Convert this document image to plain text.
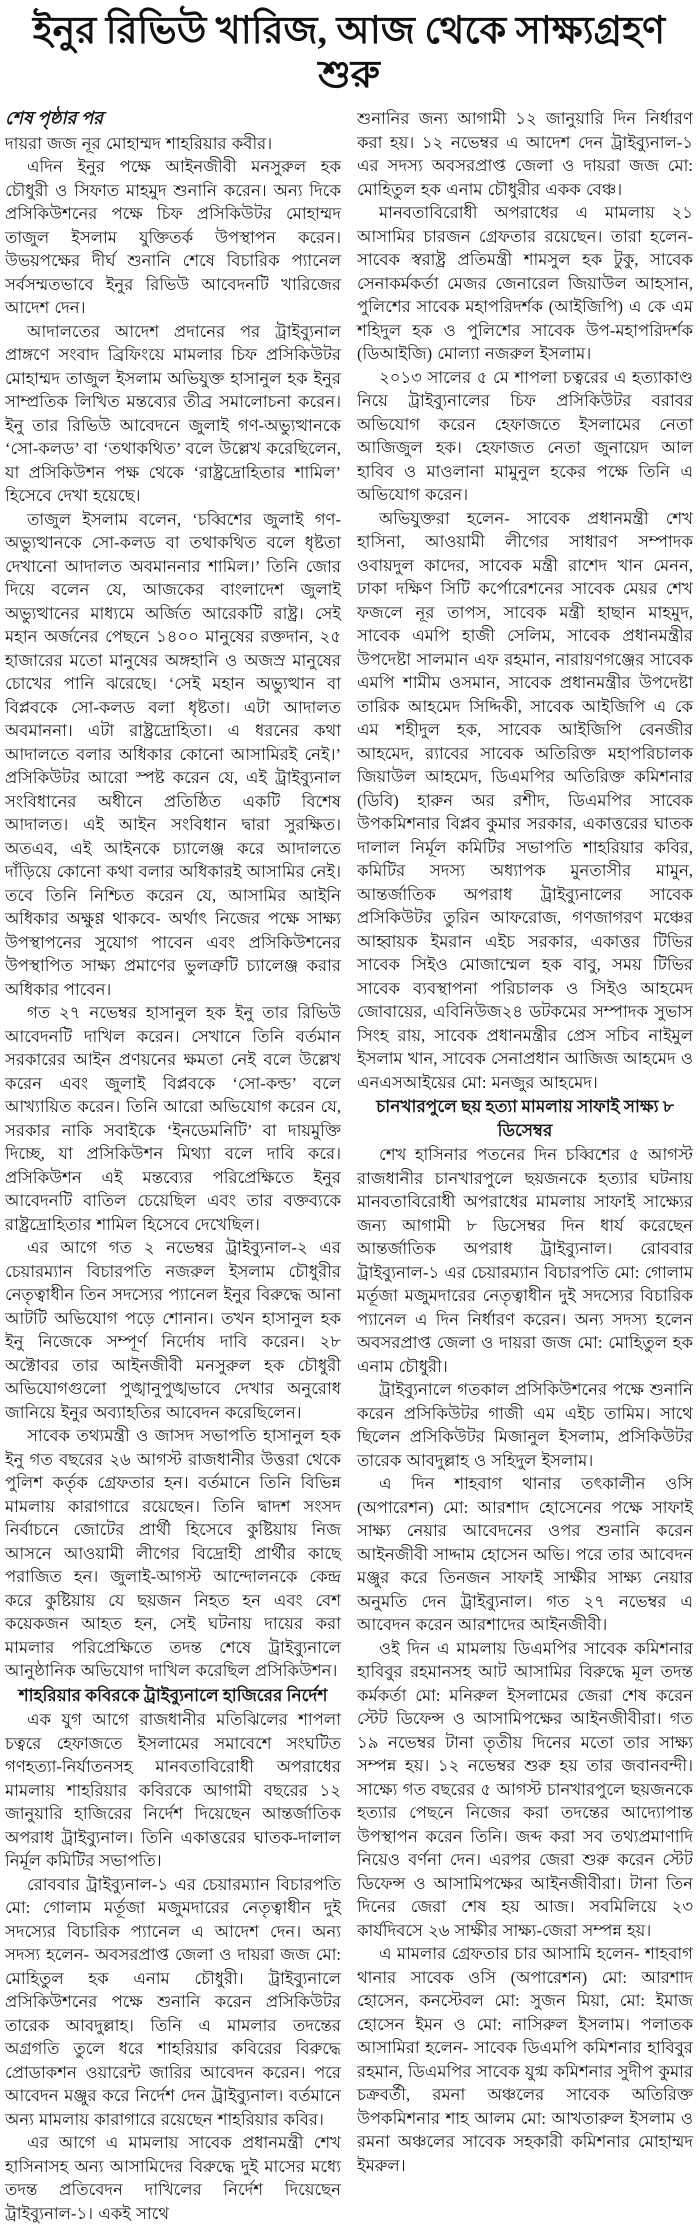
ইনুর রিভিউ খারিজ, আজ থেকে সাক্ষ্যগ্রহণ শুরু
শেষ পৃষ্ঠার পর

দায়রা জজ নূর মোহাম্মদ শাহরিয়ার কবীর।

এদিন ইনুর পক্ষে আইনজীবী মনসুরুল হক চৌধুরী ও সিফাত মাহমুদ শুনানি করেন। অন্য দিকে প্রসিকিউশনের পক্ষে চিফ প্রসিকিউটর মোহাম্মদ তাজুল ইসলাম যুক্তিতর্ক উপস্থাপন করেন। উভয়পক্ষের দীর্ঘ শুনানি শেষে বিচারিক প্যানেল সর্বসম্মতভাবে ইনুর রিভিউ আবেদনটি খারিজের আদেশ দেন।

আদালতের আদেশ প্রদানের পর ট্রাইব্যুনাল প্রাঙ্গণে সংবাদ ব্রিফিংয়ে মামলার চিফ প্রসিকিউটর মোহাম্মদ তাজুল ইসলাম অভিযুক্ত হাসানুল হক ইনুর সাম্প্রতিক লিখিত মন্তব্যের তীব্র সমালোচনা করেন। ইনু তার রিভিউ আবেদনে জুলাই গণ-অভ্যুত্থানকে ‘সো-কলড’ বা ‘তথাকথিত’ বলে উল্লেখ করেছিলেন, যা প্রসিকিউশন পক্ষ থেকে ‘রাষ্ট্রদ্রোহিতার শামিল’ হিসেবে দেখা হয়েছে।

তাজুল ইসলাম বলেন, ‘চব্বিশের জুলাই গণ-অভ্যুত্থানকে সো-কলড বা তথাকথিত বলে ধৃষ্টতা দেখানো আদালত অবমাননার শামিল।’ তিনি জোর দিয়ে বলেন যে, আজকের বাংলাদেশ জুলাই অভ্যুত্থানের মাধ্যমে অর্জিত আরেকটি রাষ্ট্র। সেই মহান অর্জনের পেছনে ১৪০০ মানুষের রক্তদান, ২৫ হাজারের মতো মানুষের অঙ্গহানি ও অজস্র মানুষের চোখের পানি ঝরেছে। ‘সেই মহান অভ্যুত্থান বা বিপ্লবকে সো-কলড বলা ধৃষ্টতা। এটা আদালত অবমাননা। এটা রাষ্ট্রদ্রোহিতা। এ ধরনের কথা আদালতে বলার অধিকার কোনো আসামিরই নেই।’ প্রসিকিউটর আরো স্পষ্ট করেন যে, এই ট্রাইব্যুনাল সংবিধানের অধীনে প্রতিষ্ঠিত একটি বিশেষ আদালত। এই আইন সংবিধান দ্বারা সুরক্ষিত। অতএব, এই আইনকে চ্যালেঞ্জ করে আদালতে দাঁড়িয়ে কোনো কথা বলার অধিকারই আসামির নেই। তবে তিনি নিশ্চিত করেন যে, আসামির আইনি অধিকার অক্ষুণ্ণ থাকবে- অর্থাৎ নিজের পক্ষে সাক্ষ্য উপস্থাপনের সুযোগ পাবেন এবং প্রসিকিউশনের উপস্থাপিত সাক্ষ্য প্রমাণের ভুলত্রুটি চ্যালেঞ্জ করার অধিকার পাবেন।

গত ২৭ নভেম্বর হাসানুল হক ইনু তার রিভিউ আবেদনটি দাখিল করেন। সেখানে তিনি বর্তমান সরকারের আইন প্রণয়নের ক্ষমতা নেই বলে উল্লেখ করেন এবং জুলাই বিপ্লবকে ‘সো-কল্ড’ বলে আখ্যায়িত করেন। তিনি আরো অভিযোগ করেন যে, সরকার নাকি সবাইকে ‘ইনডেমনিটি’ বা দায়মুক্তি দিচ্ছে, যা প্রসিকিউশন মিথ্যা বলে দাবি করে। প্রসিকিউশন এই মন্তব্যের পরিপ্রেক্ষিতে ইনুর আবেদনটি বাতিল চেয়েছিল এবং তার বক্তব্যকে রাষ্ট্রদ্রোহিতার শামিল হিসেবে দেখেছিল।

এর আগে গত ২ নভেম্বর ট্রাইব্যুনাল-২ এর চেয়ারম্যান বিচারপতি নজরুল ইসলাম চৌধুরীর নেতৃত্বাধীন তিন সদস্যের প্যানেল ইনুর বিরুদ্ধে আনা আটটি অভিযোগ পড়ে শোনান। তখন হাসানুল হক ইনু নিজেকে সম্পূর্ণ নির্দোষ দাবি করেন। ২৮ অক্টোবর তার আইনজীবী মনসুরুল হক চৌধুরী অভিযোগগুলো পুঙ্খানুপুঙ্খভাবে দেখার অনুরোধ জানিয়ে ইনুর অব্যাহতির আবেদন করেছিলেন।

সাবেক তথ্যমন্ত্রী ও জাসদ সভাপতি হাসানুল হক ইনু গত বছরের ২৬ আগস্ট রাজধানীর উত্তরা থেকে পুলিশ কর্তৃক গ্রেফতার হন। বর্তমানে তিনি বিভিন্ন মামলায় কারাগারে রয়েছেন। তিনি দ্বাদশ সংসদ নির্বাচনে জোটের প্রার্থী হিসেবে কুষ্টিয়ায় নিজ আসনে আওয়ামী লীগের বিদ্রোহী প্রার্থীর কাছে পরাজিত হন। জুলাই-আগস্ট আন্দোলনকে কেন্দ্র করে কুষ্টিয়ায় যে ছয়জন নিহত হন এবং বেশ কয়েকজন আহত হন, সেই ঘটনায় দায়ের করা মামলার পরিপ্রেক্ষিতে তদন্ত শেষে ট্রাইব্যুনালে আনুষ্ঠানিক অভিযোগ দাখিল করেছিল প্রসিকিউশন।

শাহরিয়ার কবিরকে ট্রাইব্যুনালে হাজিরের নির্দেশ

এক যুগ আগে রাজধানীর মতিঝিলের শাপলা চত্বরে হেফাজতে ইসলামের সমাবেশে সংঘটিত গণহত্যা-নির্যাতনসহ মানবতাবিরোধী অপরাধের মামলায় শাহরিয়ার কবিরকে আগামী বছরের ১২ জানুয়ারি হাজিরের নির্দেশ দিয়েছেন আন্তর্জাতিক অপরাধ ট্রাইব্যুনাল। তিনি একাত্তরের ঘাতক-দালাল নির্মূল কমিটির সভাপতি।

রোববার ট্রাইব্যুনাল-১ এর চেয়ারম্যান বিচারপতি মো: গোলাম মর্তূজা মজুমদারের নেতৃত্বাধীন দুই সদস্যের বিচারিক প্যানেল এ আদেশ দেন। অন্য সদস্য হলেন- অবসরপ্রাপ্ত জেলা ও দায়রা জজ মো: মোহিতুল হক এনাম চৌধুরী। ট্রাইব্যুনালে প্রসিকিউশনের পক্ষে শুনানি করেন প্রসিকিউটর তারেক আবদুল্লাহ। তিনি এ মামলার তদন্তের অগ্রগতি তুলে ধরে শাহরিয়ার কবিরের বিরুদ্ধে প্রোডাকশন ওয়ারেন্ট জারির আবেদন করেন। পরে আবেদন মঞ্জুর করে নির্দেশ দেন ট্রাইব্যুনাল। বর্তমানে অন্য মামলায় কারাগারে রয়েছেন শাহরিয়ার কবির।

এর আগে এ মামলায় সাবেক প্রধানমন্ত্রী শেখ হাসিনাসহ অন্য আসামিদের বিরুদ্ধে দুই মাসের মধ্যে তদন্ত প্রতিবেদন দাখিলের নির্দেশ দিয়েছেন ট্রাইব্যুনাল-১। একই সাথে

শুনানির জন্য আগামী ১২ জানুয়ারি দিন নির্ধারণ করা হয়। ১২ নভেম্বর এ আদেশ দেন ট্রাইব্যুনাল-১ এর সদস্য অবসরপ্রাপ্ত জেলা ও দায়রা জজ মো: মোহিতুল হক এনাম চৌধুরীর একক বেঞ্চ।

মানবতাবিরোধী অপরাধের এ মামলায় ২১ আসামির চারজন গ্রেফতার রয়েছেন। তারা হলেন- সাবেক স্বরাষ্ট্র প্রতিমন্ত্রী শামসুল হক টুকু, সাবেক সেনাকর্মকর্তা মেজর জেনারেল জিয়াউল আহসান, পুলিশের সাবেক মহাপরিদর্শক (আইজিপি) এ কে এম শহিদুল হক ও পুলিশের সাবেক উপ-মহাপরিদর্শক (ডিআইজি) মোল্যা নজরুল ইসলাম।

২০১৩ সালের ৫ মে শাপলা চত্বরের এ হত্যাকাণ্ড নিয়ে ট্রাইব্যুনালের চিফ প্রসিকিউটর বরাবর অভিযোগ করেন হেফাজতে ইসলামের নেতা আজিজুল হক। হেফাজত নেতা জুনায়েদ আল হাবিব ও মাওলানা মামুনুল হকের পক্ষে তিনি এ অভিযোগ করেন।

অভিযুক্তরা হলেন- সাবেক প্রধানমন্ত্রী শেখ হাসিনা, আওয়ামী লীগের সাধারণ সম্পাদক ওবায়দুল কাদের, সাবেক মন্ত্রী রাশেদ খান মেনন, ঢাকা দক্ষিণ সিটি কর্পোরেশনের সাবেক মেয়র শেখ ফজলে নূর তাপস, সাবেক মন্ত্রী হাছান মাহমুদ, সাবেক এমপি হাজী সেলিম, সাবেক প্রধানমন্ত্রীর উপদেষ্টা সালমান এফ রহমান, নারায়ণগঞ্জের সাবেক এমপি শামীম ওসমান, সাবেক প্রধানমন্ত্রীর উপদেষ্টা তারিক আহমেদ সিদ্দিকী, সাবেক আইজিপি এ কে এম শহীদুল হক, সাবেক আইজিপি বেনজীর আহমেদ, র‍্যাবের সাবেক অতিরিক্ত মহাপরিচালক জিয়াউল আহমেদ, ডিএমপির অতিরিক্ত কমিশনার (ডিবি) হারুন অর রশীদ, ডিএমপির সাবেক উপকমিশনার বিপ্লব কুমার সরকার, একাত্তরের ঘাতক দালাল নির্মূল কমিটির সভাপতি শাহরিয়ার কবির, কমিটির সদস্য অধ্যাপক মুনতাসীর মামুন, আন্তর্জাতিক অপরাধ ট্রাইব্যুনালের সাবেক প্রসিকিউটর তুরিন আফরোজ, গণজাগরণ মঞ্চের আহ্বায়ক ইমরান এইচ সরকার, একাত্তর টিভির সাবেক সিইও মোজাম্মেল হক বাবু, সময় টিভির সাবেক ব্যবস্থাপনা পরিচালক ও সিইও আহমেদ জোবায়ের, এবিনিউজ২৪ ডটকমের সম্পাদক সুভাস সিংহ রায়, সাবেক প্রধানমন্ত্রীর প্রেস সচিব নাইমুল ইসলাম খান, সাবেক সেনাপ্রধান আজিজ আহমেদ ও এনএসআইয়ের মো: মনজুর আহমেদ।

চানখারপুলে ছয় হত্যা মামলায় সাফাই সাক্ষ্য ৮ ডিসেম্বর

শেখ হাসিনার পতনের দিন চব্বিশের ৫ আগস্ট রাজধানীর চানখারপুলে ছয়জনকে হত্যার ঘটনায় মানবতাবিরোধী অপরাধের মামলায় সাফাই সাক্ষ্যের জন্য আগামী ৮ ডিসেম্বর দিন ধার্য করেছেন আন্তর্জাতিক অপরাধ ট্রাইব্যুনাল। রোববার ট্রাইব্যুনাল-১ এর চেয়ারম্যান বিচারপতি মো: গোলাম মর্তূজা মজুমদারের নেতৃত্বাধীন দুই সদস্যের বিচারিক প্যানেল এ দিন নির্ধারণ করেন। অন্য সদস্য হলেন অবসরপ্রাপ্ত জেলা ও দায়রা জজ মো: মোহিতুল হক এনাম চৌধুরী।

ট্রাইব্যুনালে গতকাল প্রসিকিউশনের পক্ষে শুনানি করেন প্রসিকিউটর গাজী এম এইচ তামিম। সাথে ছিলেন প্রসিকিউটর মিজানুল ইসলাম, প্রসিকিউটর তারেক আবদুল্লাহ ও সহিদুল ইসলাম।

এ দিন শাহবাগ থানার তৎকালীন ওসি (অপারেশন) মো: আরশাদ হোসেনের পক্ষে সাফাই সাক্ষ্য নেয়ার আবেদনের ওপর শুনানি করেন আইনজীবী সাদ্দাম হোসেন অভি। পরে তার আবেদন মঞ্জুর করে তিনজন সাফাই সাক্ষীর সাক্ষ্য নেয়ার অনুমতি দেন ট্রাইব্যুনাল। গত ২৭ নভেম্বর এ আবেদন করেন আরশাদের আইনজীবী।

ওই দিন এ মামলায় ডিএমপির সাবেক কমিশনার হাবিবুর রহমানসহ আট আসামির বিরুদ্ধে মূল তদন্ত কর্মকর্তা মো: মনিরুল ইসলামের জেরা শেষ করেন স্টেট ডিফেন্স ও আসামিপক্ষের আইনজীবীরা। গত ১৯ নভেম্বর টানা তৃতীয় দিনের মতো তার সাক্ষ্য সম্পন্ন হয়। ১২ নভেম্বর শুরু হয় তার জবানবন্দী। সাক্ষ্যে গত বছরের ৫ আগস্ট চানখারপুলে ছয়জনকে হত্যার পেছনে নিজের করা তদন্তের আদ্যোপান্ত উপস্থাপন করেন তিনি। জব্দ করা সব তথ্যপ্রমাণাদি নিয়েও বর্ণনা দেন। এরপর জেরা শুরু করেন স্টেট ডিফেন্স ও আসামিপক্ষের আইনজীবীরা। টানা তিন দিনের জেরা শেষ হয় আজ। সবমিলিয়ে ২৩ কার্যদিবসে ২৬ সাক্ষীর সাক্ষ্য-জেরা সম্পন্ন হয়।

এ মামলার গ্রেফতার চার আসামি হলেন- শাহবাগ থানার সাবেক ওসি (অপারেশন) মো: আরশাদ হোসেন, কনস্টেবল মো: সুজন মিয়া, মো: ইমাজ হোসেন ইমন ও মো: নাসিরুল ইসলাম। পলাতক আসামিরা হলেন- সাবেক ডিএমপি কমিশনার হাবিবুর রহমান, ডিএমপির সাবেক যুগ্ম কমিশনার সুদীপ কুমার চক্রবর্তী, রমনা অঞ্চলের সাবেক অতিরিক্ত উপকমিশনার শাহ আলম মো: আখতারুল ইসলাম ও রমনা অঞ্চলের সাবেক সহকারী কমিশনার মোহাম্মদ ইমরুল।
